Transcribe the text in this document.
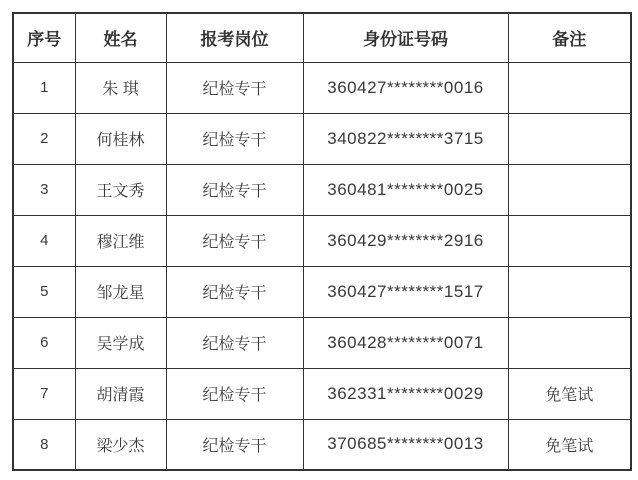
序号	姓名	报考岗位	身份证号码	备注
1	朱 琪	纪检专干	360427********0016	
2	何桂林	纪检专干	340822********3715	
3	王文秀	纪检专干	360481********0025	
4	穆江维	纪检专干	360429********2916	
5	邹龙星	纪检专干	360427********1517	
6	吴学成	纪检专干	360428********0071	
7	胡清霞	纪检专干	362331********0029	免笔试
8	梁少杰	纪检专干	370685********0013	免笔试
